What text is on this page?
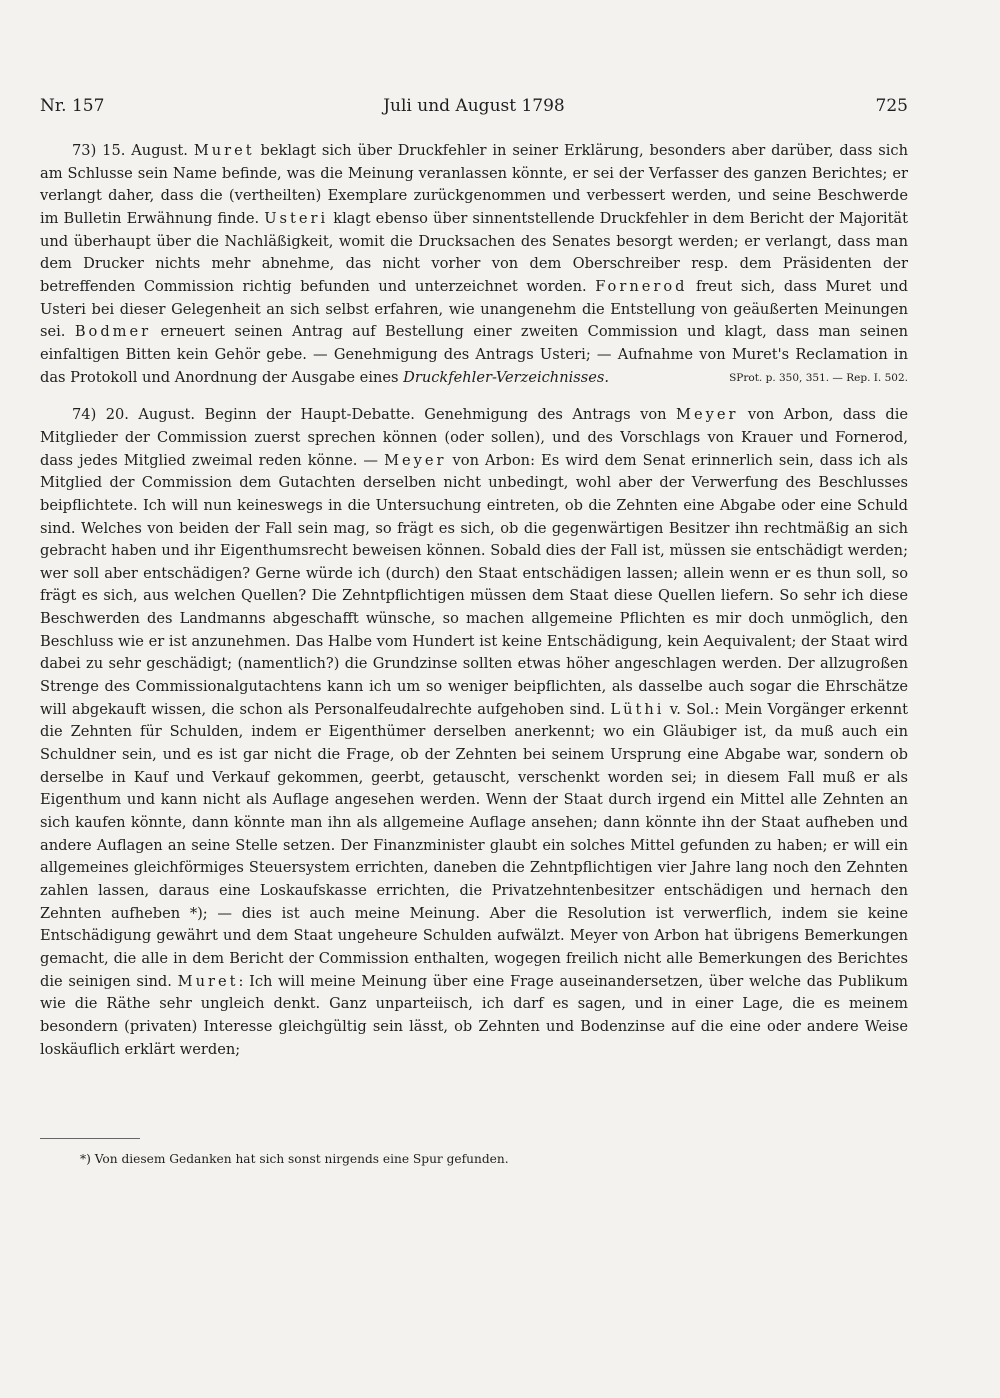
Nr. 157	Juli und August 1798	725

73) 15. August. Muret beklagt sich über Druckfehler in seiner Erklärung, besonders aber darüber, dass sich am Schlusse sein Name befinde, was die Meinung veranlassen könnte, er sei der Verfasser des ganzen Berichtes; er verlangt daher, dass die (vertheilten) Exemplare zurückgenommen und verbessert werden, und seine Beschwerde im Bulletin Erwähnung finde. Usteri klagt ebenso über sinnentstellende Druckfehler in dem Bericht der Majorität und überhaupt über die Nachläßigkeit, womit die Drucksachen des Senates besorgt werden; er verlangt, dass man dem Drucker nichts mehr abnehme, das nicht vorher von dem Oberschreiber resp. dem Präsidenten der betreffenden Commission richtig befunden und unterzeichnet worden. Fornerod freut sich, dass Muret und Usteri bei dieser Gelegenheit an sich selbst erfahren, wie unangenehm die Entstellung von geäußerten Meinungen sei. Bodmer erneuert seinen Antrag auf Bestellung einer zweiten Commission und klagt, dass man seinen einfaltigen Bitten kein Gehör gebe. — Genehmigung des Antrags Usteri; — Aufnahme von Muret's Reclamation in das Protokoll und Anordnung der Ausgabe eines Druckfehler-Verzeichnisses.	SProt. p. 350, 351. — Rep. I. 502.

74) 20. August. Beginn der Haupt-Debatte. Genehmigung des Antrags von Meyer von Arbon, dass die Mitglieder der Commission zuerst sprechen können (oder sollen), und des Vorschlags von Krauer und Fornerod, dass jedes Mitglied zweimal reden könne. — Meyer von Arbon: Es wird dem Senat erinnerlich sein, dass ich als Mitglied der Commission dem Gutachten derselben nicht unbedingt, wohl aber der Verwerfung des Beschlusses beipflichtete. Ich will nun keineswegs in die Untersuchung eintreten, ob die Zehnten eine Abgabe oder eine Schuld sind. Welches von beiden der Fall sein mag, so frägt es sich, ob die gegenwärtigen Besitzer ihn rechtmäßig an sich gebracht haben und ihr Eigenthumsrecht beweisen können. Sobald dies der Fall ist, müssen sie entschädigt werden; wer soll aber entschädigen? Gerne würde ich (durch) den Staat entschädigen lassen; allein wenn er es thun soll, so frägt es sich, aus welchen Quellen? Die Zehntpflichtigen müssen dem Staat diese Quellen liefern. So sehr ich diese Beschwerden des Landmanns abgeschafft wünsche, so machen allgemeine Pflichten es mir doch unmöglich, den Beschluss wie er ist anzunehmen. Das Halbe vom Hundert ist keine Entschädigung, kein Aequivalent; der Staat wird dabei zu sehr geschädigt; (namentlich?) die Grundzinse sollten etwas höher angeschlagen werden. Der allzugroßen Strenge des Commissionalgutachtens kann ich um so weniger beipflichten, als dasselbe auch sogar die Ehrschätze will abgekauft wissen, die schon als Personalfeudalrechte aufgehoben sind. Lüthi v. Sol.: Mein Vorgänger erkennt die Zehnten für Schulden, indem er Eigenthümer derselben anerkennt; wo ein Gläubiger ist, da muß auch ein Schuldner sein, und es ist gar nicht die Frage, ob der Zehnten bei seinem Ursprung eine Abgabe war, sondern ob derselbe in Kauf und Verkauf gekommen, geerbt, getauscht, verschenkt worden sei; in diesem Fall muß er als Eigenthum und kann nicht als Auflage angesehen werden. Wenn der Staat durch irgend ein Mittel alle Zehnten an sich kaufen könnte, dann könnte man ihn als allgemeine Auflage ansehen; dann könnte ihn der Staat aufheben und andere Auflagen an seine Stelle setzen. Der Finanzminister glaubt ein solches Mittel gefunden zu haben; er will ein allgemeines gleichförmiges Steuersystem errichten, daneben die Zehntpflichtigen vier Jahre lang noch den Zehnten zahlen lassen, daraus eine Loskaufskasse errichten, die Privatzehntenbesitzer entschädigen und hernach den Zehnten aufheben *); — dies ist auch meine Meinung. Aber die Resolution ist verwerflich, indem sie keine Entschädigung gewährt und dem Staat ungeheure Schulden aufwälzt. Meyer von Arbon hat übrigens Bemerkungen gemacht, die alle in dem Bericht der Commission enthalten, wogegen freilich nicht alle Bemerkungen des Berichtes die seinigen sind. Muret: Ich will meine Meinung über eine Frage auseinandersetzen, über welche das Publikum wie die Räthe sehr ungleich denkt. Ganz unparteiisch, ich darf es sagen, und in einer Lage, die es meinem besondern (privaten) Interesse gleichgültig sein lässt, ob Zehnten und Bodenzinse auf die eine oder andere Weise loskäuflich erklärt werden;

*) Von diesem Gedanken hat sich sonst nirgends eine Spur gefunden.
